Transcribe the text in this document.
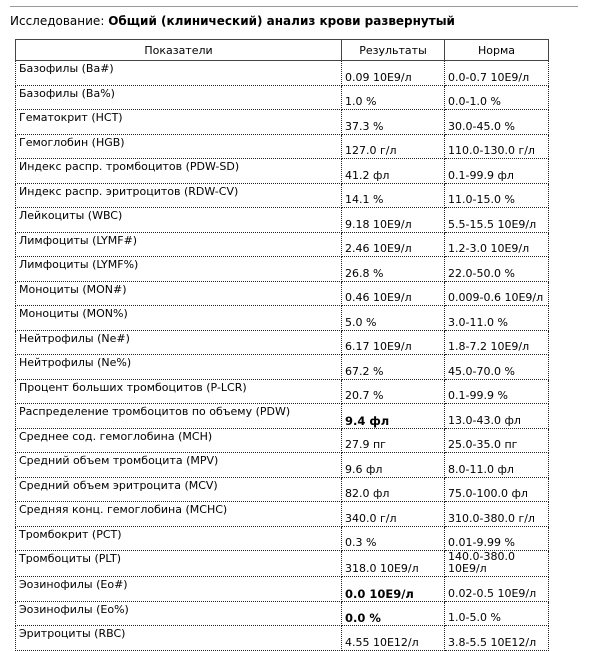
Исследование: Общий (клинический) анализ крови развернутый
Показатели	Результаты	Норма
Базофилы (Ba#)	0.09 10E9/л	0.0-0.7 10E9/л
Базофилы (Ba%)	1.0 %	0.0-1.0 %
Гематокрит (HCT)	37.3 %	30.0-45.0 %
Гемоглобин (HGB)	127.0 г/л	110.0-130.0 г/л
Индекс распр. тромбоцитов (PDW-SD)	41.2 фл	0.1-99.9 фл
Индекс распр. эритроцитов (RDW-CV)	14.1 %	11.0-15.0 %
Лейкоциты (WBC)	9.18 10E9/л	5.5-15.5 10E9/л
Лимфоциты (LYMF#)	2.46 10E9/л	1.2-3.0 10E9/л
Лимфоциты (LYMF%)	26.8 %	22.0-50.0 %
Моноциты (MON#)	0.46 10E9/л	0.009-0.6 10E9/л
Моноциты (MON%)	5.0 %	3.0-11.0 %
Нейтрофилы (Ne#)	6.17 10E9/л	1.8-7.2 10E9/л
Нейтрофилы (Ne%)	67.2 %	45.0-70.0 %
Процент больших тромбоцитов (P-LCR)	20.7 %	0.1-99.9 %
Распределение тромбоцитов по объему (PDW)	9.4 фл	13.0-43.0 фл
Среднее сод. гемоглобина (MCH)	27.9 пг	25.0-35.0 пг
Средний объем тромбоцита (MPV)	9.6 фл	8.0-11.0 фл
Средний объем эритроцита (MCV)	82.0 фл	75.0-100.0 фл
Средняя конц. гемоглобина (MCHC)	340.0 г/л	310.0-380.0 г/л
Тромбокрит (PCT)	0.3 %	0.01-9.99 %
Тромбоциты (PLT)	318.0 10E9/л	140.0-380.0 10E9/л
Эозинофилы (Eo#)	0.0 10E9/л	0.02-0.5 10E9/л
Эозинофилы (Eo%)	0.0 %	1.0-5.0 %
Эритроциты (RBC)	4.55 10E12/л	3.8-5.5 10E12/л
